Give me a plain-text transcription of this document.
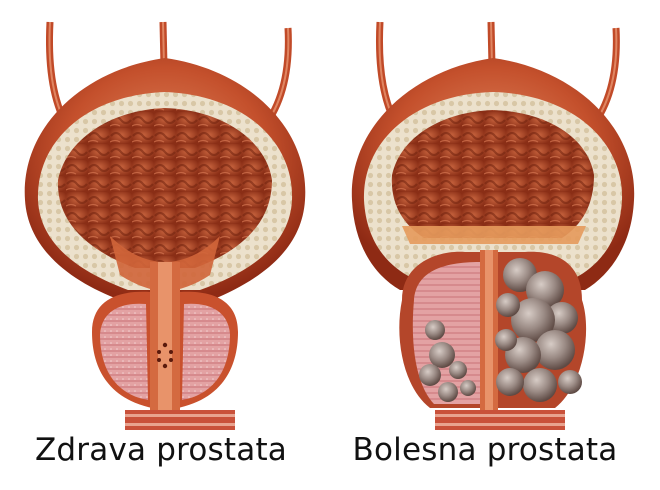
Zdrava prostata	Bolesna prostata
